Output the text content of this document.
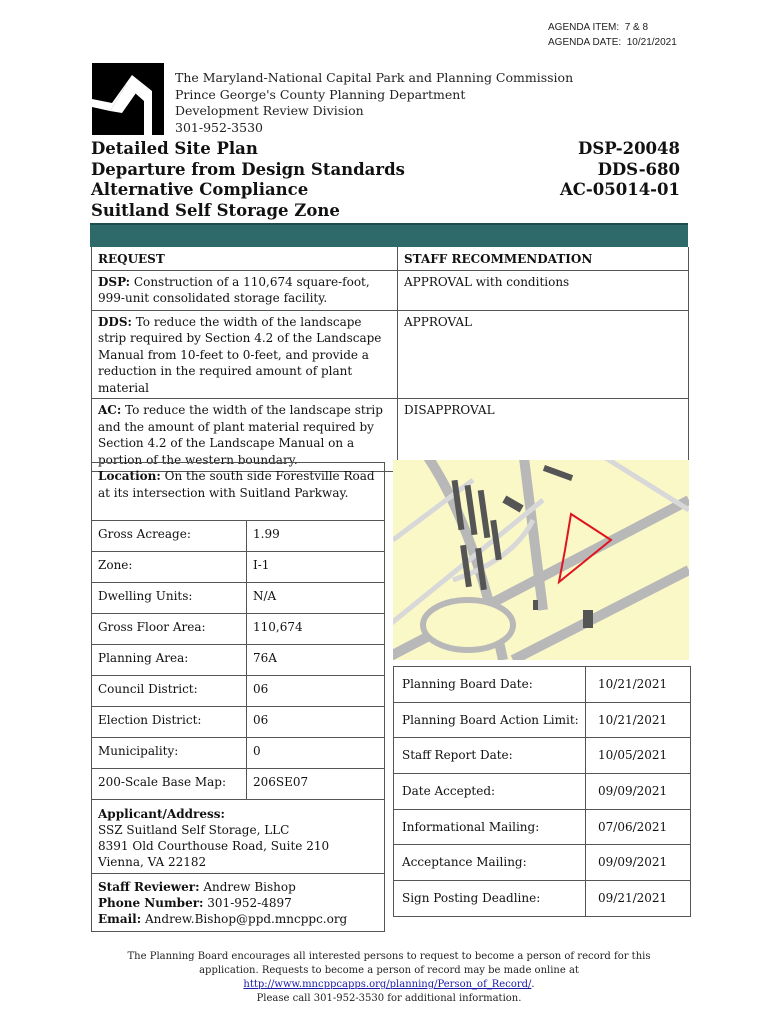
AGENDA ITEM: 7 & 8
AGENDA DATE: 10/21/2021
The Maryland-National Capital Park and Planning Commission
Prince George's County Planning Department
Development Review Division
301-952-3530
Detailed Site Plan
Departure from Design Standards
Alternative Compliance
Suitland Self Storage Zone
DSP-20048
DDS-680
AC-05014-01
REQUEST	STAFF RECOMMENDATION
DSP: Construction of a 110,674 square-foot, 999-unit consolidated storage facility.	APPROVAL with conditions
DDS: To reduce the width of the landscape strip required by Section 4.2 of the Landscape Manual from 10-feet to 0-feet, and provide a reduction in the required amount of plant material	APPROVAL
AC: To reduce the width of the landscape strip and the amount of plant material required by Section 4.2 of the Landscape Manual on a portion of the western boundary.	DISAPPROVAL
Location: On the south side Forestville Road at its intersection with Suitland Parkway.
Gross Acreage:	1.99
Zone:	I-1
Dwelling Units:	N/A
Gross Floor Area:	110,674
Planning Area:	76A
Council District:	06
Election District:	06
Municipality:	0
200-Scale Base Map:	206SE07
Applicant/Address:
SSZ Suitland Self Storage, LLC
8391 Old Courthouse Road, Suite 210
Vienna, VA 22182
Staff Reviewer: Andrew Bishop
Phone Number: 301-952-4897
Email: Andrew.Bishop@ppd.mncppc.org
Planning Board Date:	10/21/2021
Planning Board Action Limit:	10/21/2021
Staff Report Date:	10/05/2021
Date Accepted:	09/09/2021
Informational Mailing:	07/06/2021
Acceptance Mailing:	09/09/2021
Sign Posting Deadline:	09/21/2021
The Planning Board encourages all interested persons to request to become a person of record for this
application. Requests to become a person of record may be made online at
http://www.mncppcapps.org/planning/Person_of_Record/.
Please call 301-952-3530 for additional information.
